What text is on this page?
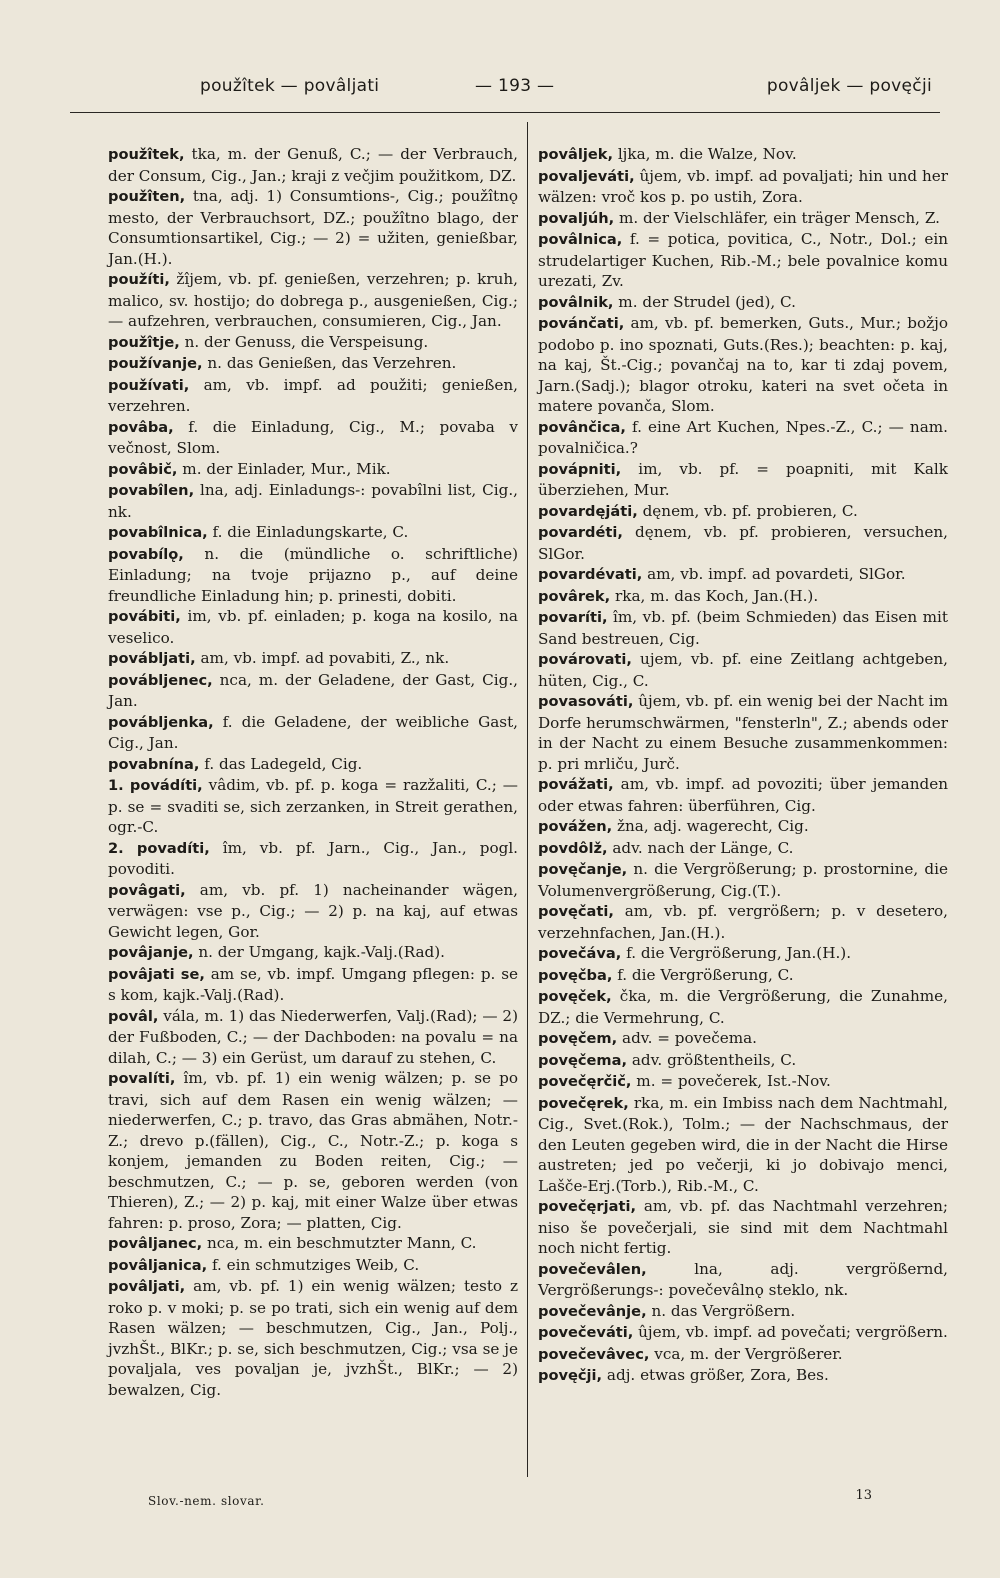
použîtek — povâljati	— 193 —	povâljek — povęčji

použîtek, tka, m. der Genuß, C.; — der Verbrauch, der Consum, Cig., Jan.; kraji z večjim použitkom, DZ.

použîten, tna, adj. 1) Consumtions-, Cig.; použîtnǫ mesto, der Verbrauchsort, DZ.; použîtno blago, der Consumtionsartikel, Cig.; — 2) = užiten, genießbar, Jan.(H.).

použíti, žîjem, vb. pf. genießen, verzehren; p. kruh, malico, sv. hostijo; do dobrega p., ausgenießen, Cig.; — aufzehren, verbrauchen, consumieren, Cig., Jan.

použîtje, n. der Genuss, die Verspeisung.

používanje, n. das Genießen, das Verzehren.

používati, am, vb. impf. ad použiti; genießen, verzehren.

povâba, f. die Einladung, Cig., M.; povaba v večnost, Slom.

povâbič, m. der Einlader, Mur., Mik.

povabîlen, lna, adj. Einladungs-: povabîlni list, Cig., nk.

povabîlnica, f. die Einladungskarte, C.

povabílǫ, n. die (mündliche o. schriftliche) Einladung; na tvoje prijazno p., auf deine freundliche Einladung hin; p. prinesti, dobiti.

povábiti, im, vb. pf. einladen; p. koga na kosilo, na veselico.

povábljati, am, vb. impf. ad povabiti, Z., nk.

povábljenec, nca, m. der Geladene, der Gast, Cig., Jan.

povábljenka, f. die Geladene, der weibliche Gast, Cig., Jan.

povabnína, f. das Ladegeld, Cig.

1. povádíti, vâdim, vb. pf. p. koga = razžaliti, C.; — p. se = svaditi se, sich zerzanken, in Streit gerathen, ogr.-C.

2. povadíti, îm, vb. pf. Jarn., Cig., Jan., pogl. povoditi.

povâgati, am, vb. pf. 1) nacheinander wägen, verwägen: vse p., Cig.; — 2) p. na kaj, auf etwas Gewicht legen, Gor.

povâjanje, n. der Umgang, kajk.-Valj.(Rad).

povâjati se, am se, vb. impf. Umgang pflegen: p. se s kom, kajk.-Valj.(Rad).

povâl, vála, m. 1) das Niederwerfen, Valj.(Rad); — 2) der Fußboden, C.; — der Dachboden: na povalu = na dilah, C.; — 3) ein Gerüst, um darauf zu stehen, C.

povalíti, îm, vb. pf. 1) ein wenig wälzen; p. se po travi, sich auf dem Rasen ein wenig wälzen; — niederwerfen, C.; p. travo, das Gras abmähen, Notr.-Z.; drevo p.(fällen), Cig., C., Notr.-Z.; p. koga s konjem, jemanden zu Boden reiten, Cig.; — beschmutzen, C.; — p. se, geboren werden (von Thieren), Z.; — 2) p. kaj, mit einer Walze über etwas fahren: p. proso, Zora; — platten, Cig.

povâljanec, nca, m. ein beschmutzter Mann, C.

povâljanica, f. ein schmutziges Weib, C.

povâljati, am, vb. pf. 1) ein wenig wälzen; testo z roko p. v moki; p. se po trati, sich ein wenig auf dem Rasen wälzen; — beschmutzen, Cig., Jan., Polj., jvzhŠt., BlKr.; p. se, sich beschmutzen, Cig.; vsa se je povaljala, ves povaljan je, jvzhŠt., BlKr.; — 2) bewalzen, Cig.

povâljek, ljka, m. die Walze, Nov.

povaljeváti, ûjem, vb. impf. ad povaljati; hin und her wälzen: vroč kos p. po ustih, Zora.

povaljúh, m. der Vielschläfer, ein träger Mensch, Z.

povâlnica, f. = potica, povitica, C., Notr., Dol.; ein strudelartiger Kuchen, Rib.-M.; bele povalnice komu urezati, Zv.

povâlnik, m. der Strudel (jed), C.

povánčati, am, vb. pf. bemerken, Guts., Mur.; božjo podobo p. ino spoznati, Guts.(Res.); beachten: p. kaj, na kaj, Št.-Cig.; povančaj na to, kar ti zdaj povem, Jarn.(Sadj.); blagor otroku, kateri na svet očeta in matere povanča, Slom.

povânčica, f. eine Art Kuchen, Npes.-Z., C.; — nam. povalničica.?

povápniti, im, vb. pf. = poapniti, mit Kalk überziehen, Mur.

povardęjáti, dęnem, vb. pf. probieren, C.

povardéti, dęnem, vb. pf. probieren, versuchen, SlGor.

povardévati, am, vb. impf. ad povardeti, SlGor.

povârek, rka, m. das Koch, Jan.(H.).

povaríti, îm, vb. pf. (beim Schmieden) das Eisen mit Sand bestreuen, Cig.

povárovati, ujem, vb. pf. eine Zeitlang achtgeben, hüten, Cig., C.

povasováti, ûjem, vb. pf. ein wenig bei der Nacht im Dorfe herumschwärmen, "fensterln", Z.; abends oder in der Nacht zu einem Besuche zusammenkommen: p. pri mrliču, Jurč.

povážati, am, vb. impf. ad povoziti; über jemanden oder etwas fahren: überführen, Cig.

povážen, žna, adj. wagerecht, Cig.

povdôlž, adv. nach der Länge, C.

povęčanje, n. die Vergrößerung; p. prostornine, die Volumenvergrößerung, Cig.(T.).

povęčati, am, vb. pf. vergrößern; p. v desetero, verzehnfachen, Jan.(H.).

povečáva, f. die Vergrößerung, Jan.(H.).

povęčba, f. die Vergrößerung, C.

povęček, čka, m. die Vergrößerung, die Zunahme, DZ.; die Vermehrung, C.

povęčem, adv. = povečema.

povęčema, adv. größtentheils, C.

povečęrčič, m. = povečerek, Ist.-Nov.

povečęrek, rka, m. ein Imbiss nach dem Nachtmahl, Cig., Svet.(Rok.), Tolm.; — der Nachschmaus, der den Leuten gegeben wird, die in der Nacht die Hirse austreten; jed po večerji, ki jo dobivajo menci, Lašče-Erj.(Torb.), Rib.-M., C.

povečęrjati, am, vb. pf. das Nachtmahl verzehren; niso še povečerjali, sie sind mit dem Nachtmahl noch nicht fertig.

povečevâlen, lna, adj. vergrößernd, Vergrößerungs-: povečevâlnǫ steklo, nk.

povečevânje, n. das Vergrößern.

povečeváti, ûjem, vb. impf. ad povečati; vergrößern.

povečevâvec, vca, m. der Vergrößerer.

povęčji, adj. etwas größer, Zora, Bes.

Slov.-nem. slovar.	13
